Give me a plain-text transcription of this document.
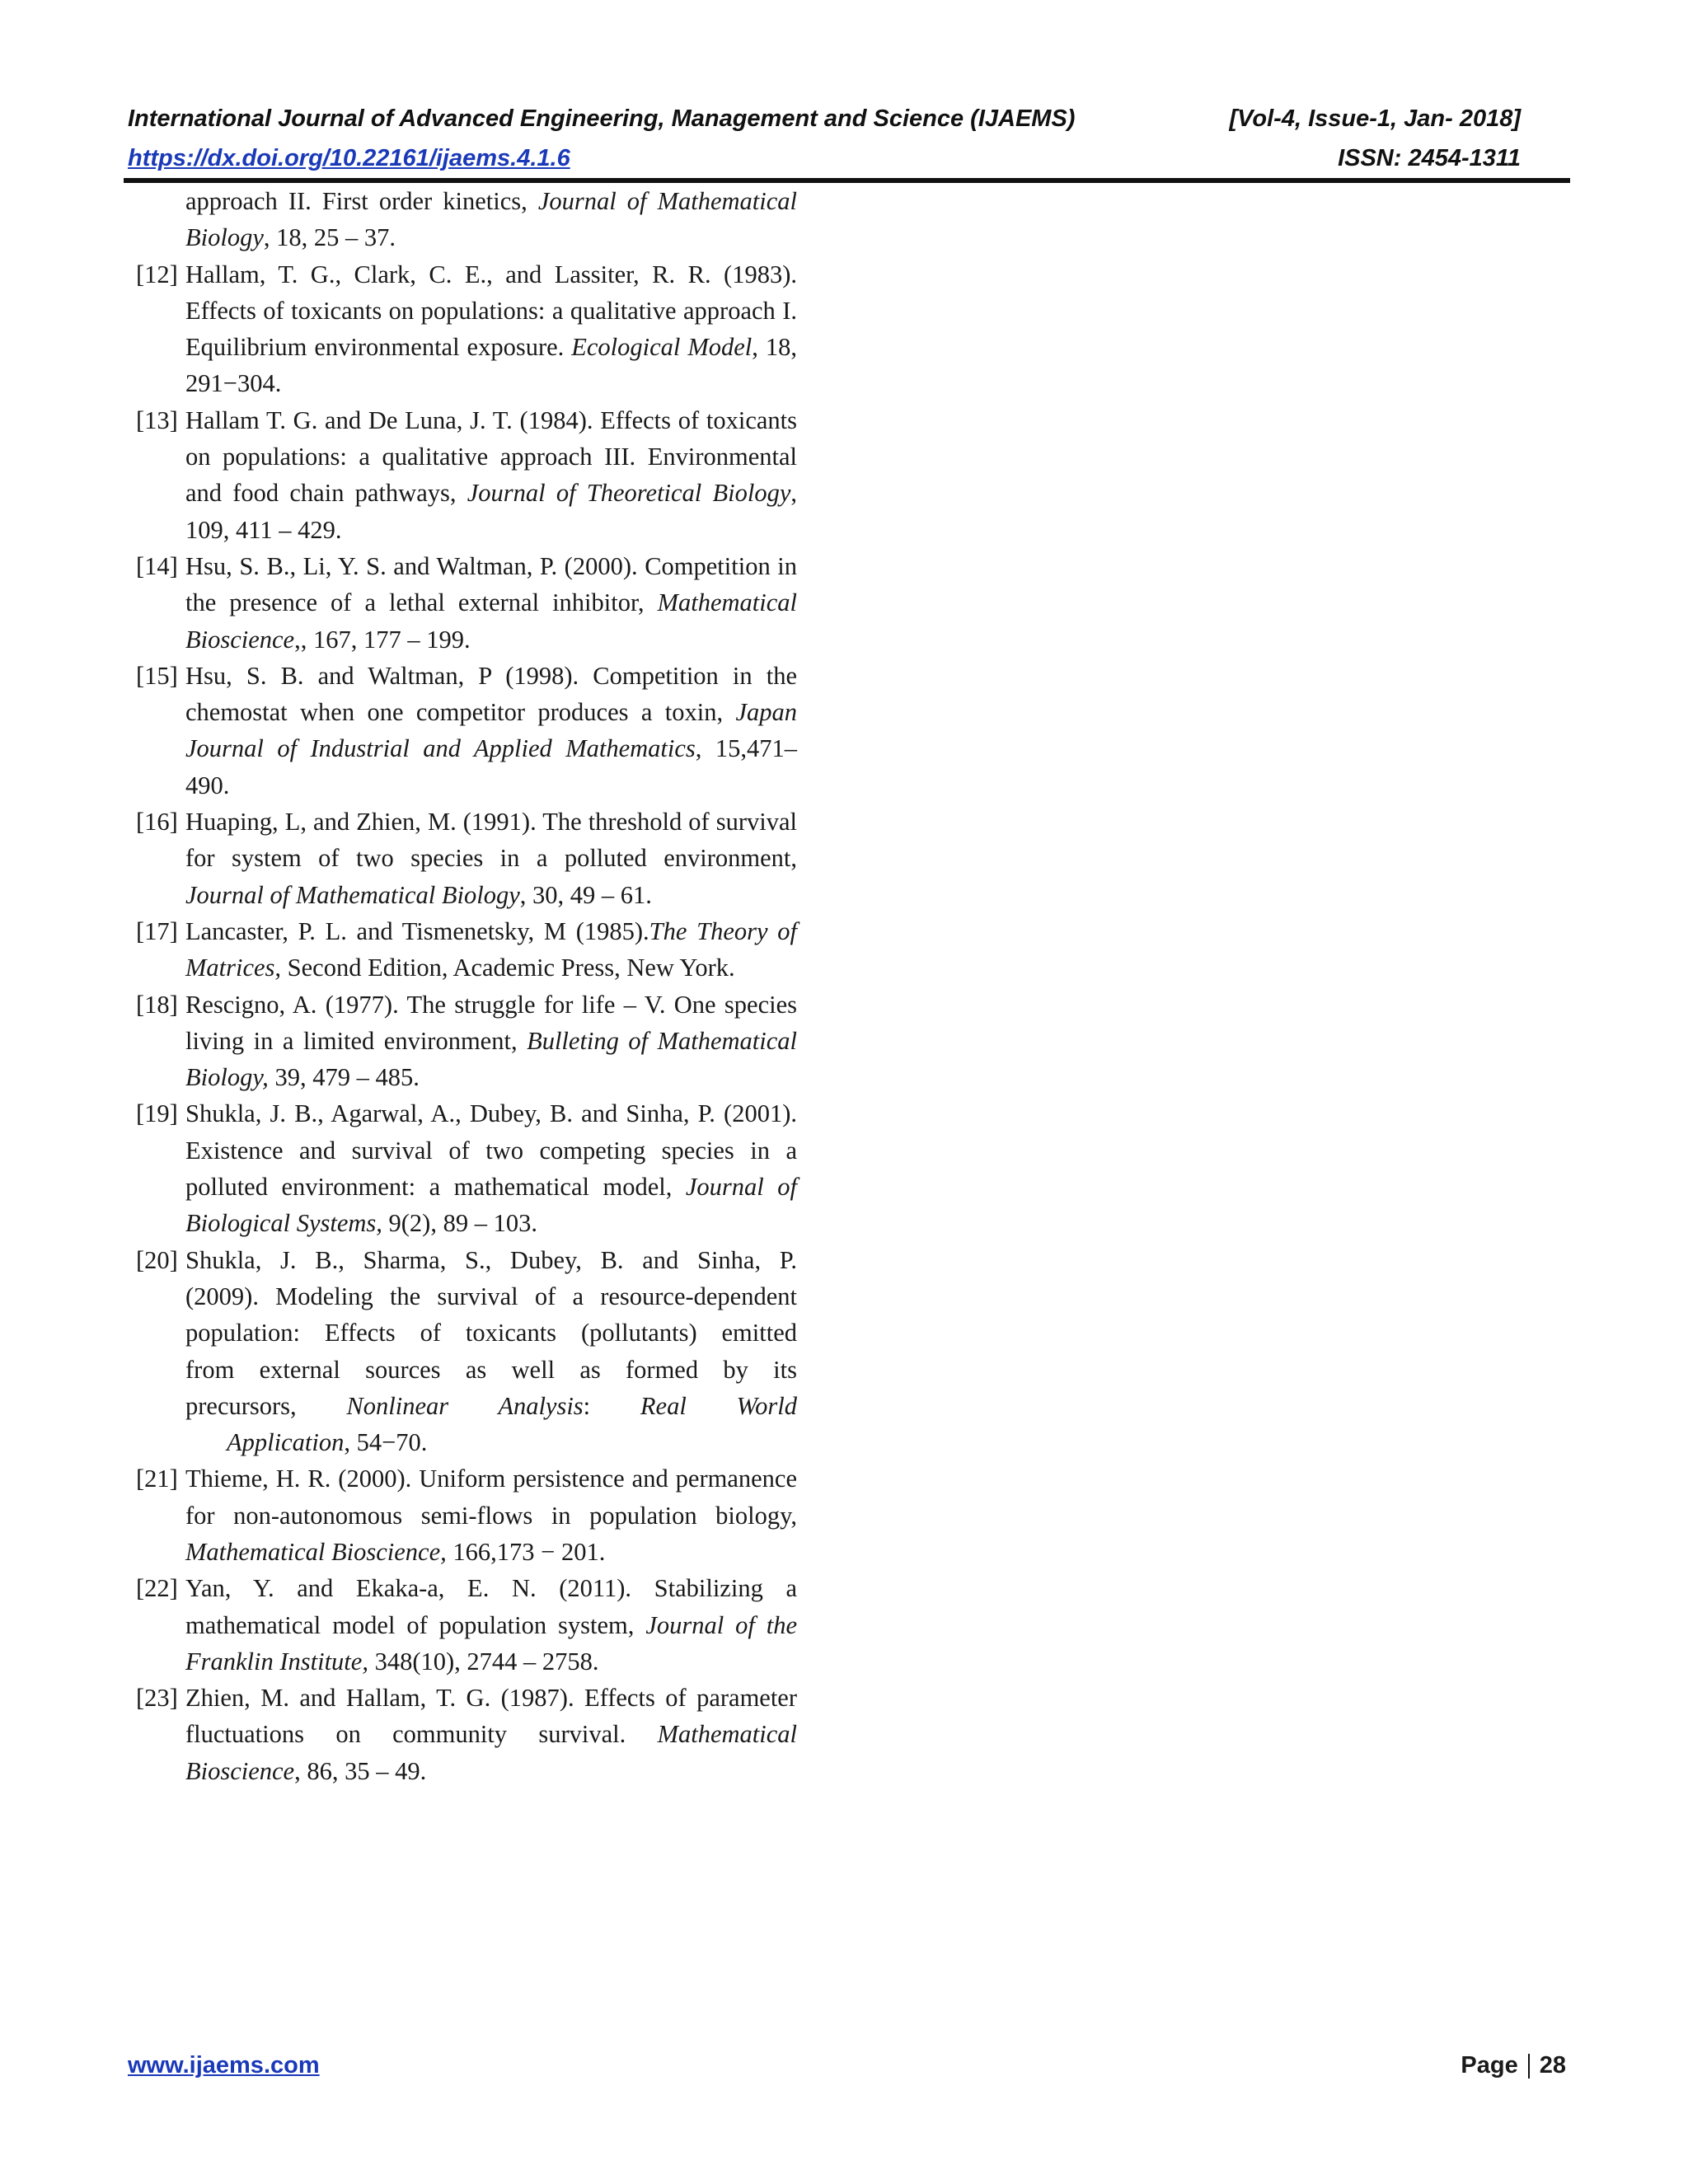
International Journal of Advanced Engineering, Management and Science (IJAEMS)	[Vol-4, Issue-1, Jan- 2018]
https://dx.doi.org/10.22161/ijaems.4.1.6	ISSN: 2454-1311
approach II. First order kinetics, Journal of Mathematical Biology, 18, 25 – 37.
[12] Hallam, T. G., Clark, C. E., and Lassiter, R. R. (1983). Effects of toxicants on populations: a qualitative approach I. Equilibrium environmental exposure. Ecological Model, 18, 291−304.
[13] Hallam T. G. and De Luna, J. T. (1984). Effects of toxicants on populations: a qualitative approach III. Environmental and food chain pathways, Journal of Theoretical Biology, 109, 411 – 429.
[14] Hsu, S. B., Li, Y. S. and Waltman, P. (2000). Competition in the presence of a lethal external inhibitor, Mathematical Bioscience,, 167, 177 – 199.
[15] Hsu, S. B. and Waltman, P (1998). Competition in the chemostat when one competitor produces a toxin, Japan Journal of Industrial and Applied Mathematics, 15,471–490.
[16] Huaping, L, and Zhien, M. (1991). The threshold of survival for system of two species in a polluted environment, Journal of Mathematical Biology, 30, 49 – 61.
[17] Lancaster, P. L. and Tismenetsky, M (1985).The Theory of Matrices, Second Edition, Academic Press, New York.
[18] Rescigno, A. (1977). The struggle for life – V. One species living in a limited environment, Bulleting of Mathematical Biology, 39, 479 – 485.
[19] Shukla, J. B., Agarwal, A., Dubey, B. and Sinha, P. (2001). Existence and survival of two competing species in a polluted environment: a mathematical model, Journal of Biological Systems, 9(2), 89 – 103.
[20] Shukla, J. B., Sharma, S., Dubey, B. and Sinha, P.
(2009). Modeling the survival of a resource-dependent
population: Effects of toxicants (pollutants) emitted
from external sources as well as formed by its
precursors, Nonlinear Analysis: Real World
Application, 54−70.
[21] Thieme, H. R. (2000). Uniform persistence and permanence for non-autonomous semi-flows in population biology, Mathematical Bioscience, 166,173 − 201.
[22] Yan, Y. and Ekaka-a, E. N. (2011). Stabilizing a mathematical model of population system, Journal of the Franklin Institute, 348(10), 2744 – 2758.
[23] Zhien, M. and Hallam, T. G. (1987). Effects of parameter fluctuations on community survival. Mathematical Bioscience, 86, 35 – 49.
www.ijaems.com	Page 28
